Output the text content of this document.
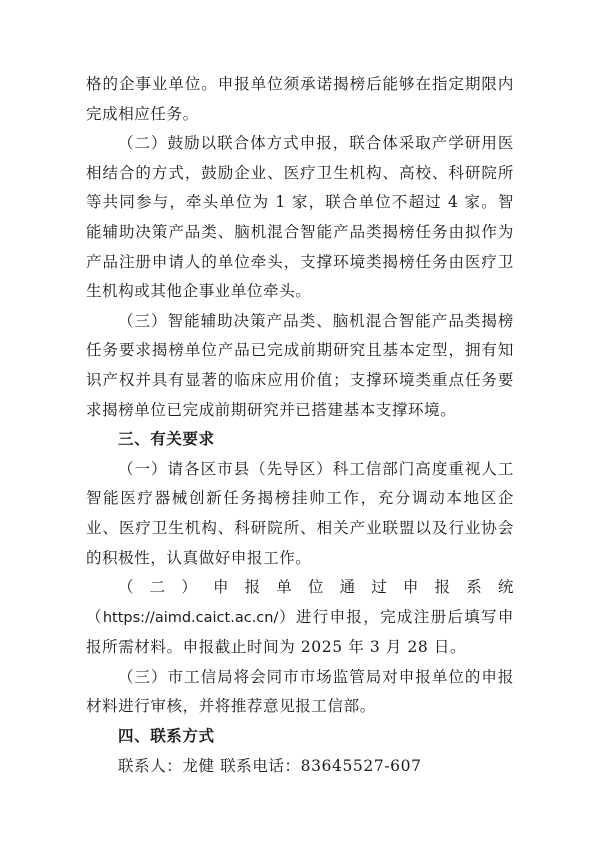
格的企事业单位。申报单位须承诺揭榜后能够在指定期限内完成相应任务。

（二）鼓励以联合体方式申报，联合体采取产学研用医相结合的方式，鼓励企业、医疗卫生机构、高校、科研院所等共同参与，牵头单位为 1 家，联合单位不超过 4 家。智能辅助决策产品类、脑机混合智能产品类揭榜任务由拟作为产品注册申请人的单位牵头，支撑环境类揭榜任务由医疗卫生机构或其他企事业单位牵头。

（三）智能辅助决策产品类、脑机混合智能产品类揭榜任务要求揭榜单位产品已完成前期研究且基本定型，拥有知识产权并具有显著的临床应用价值；支撑环境类重点任务要求揭榜单位已完成前期研究并已搭建基本支撑环境。

三、有关要求

（一）请各区市县（先导区）科工信部门高度重视人工智能医疗器械创新任务揭榜挂帅工作，充分调动本地区企业、医疗卫生机构、科研院所、相关产业联盟以及行业协会的积极性，认真做好申报工作。

（二）申报单位通过申报系统（https://aimd.caict.ac.cn/）进行申报，完成注册后填写申报所需材料。申报截止时间为 2025 年 3 月 28 日。

（三）市工信局将会同市市场监管局对申报单位的申报材料进行审核，并将推荐意见报工信部。

四、联系方式

联系人：龙健 联系电话：83645527-607
